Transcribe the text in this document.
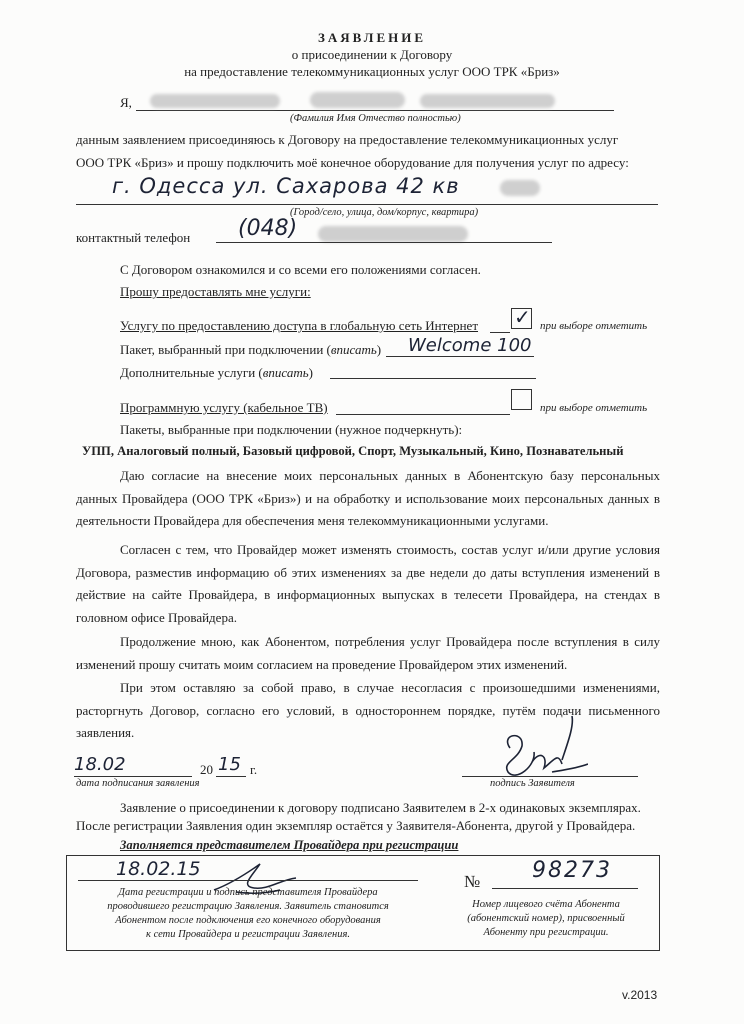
ЗАЯВЛЕНИЕ
о присоединении к Договору
на предоставление телекоммуникационных услуг ООО ТРК «Бриз»
Я,
(Фамилия Имя Отчество полностью)
данным заявлением присоединяюсь к Договору на предоставление телекоммуникационных услуг
ООО ТРК «Бриз» и прошу подключить моё конечное оборудование для получения услуг по адресу:
г. Одесса ул. Сахарова 42 кв
(Город/село, улица, дом/корпус, квартира)
контактный телефон (048)
С Договором ознакомился и со всеми его положениями согласен.
Прошу предоставлять мне услуги:
Услугу по предоставлению доступа в глобальную сеть Интернет ✓ при выборе отметить
Пакет, выбранный при подключении (вписать) Welcome 100
Дополнительные услуги (вписать)
Программную услугу (кабельное ТВ)	при выборе отметить
Пакеты, выбранные при подключении (нужное подчеркнуть):
УПП, Аналоговый полный, Базовый цифровой, Спорт, Музыкальный, Кино, Познавательный

Даю согласие на внесение моих персональных данных в Абонентскую базу персональных данных Провайдера (ООО ТРК «Бриз») и на обработку и использование моих персональных данных в деятельности Провайдера для обеспечения меня телекоммуникационными услугами.

Согласен с тем, что Провайдер может изменять стоимость, состав услуг и/или другие условия Договора, разместив информацию об этих изменениях за две недели до даты вступления изменений в действие на сайте Провайдера, в информационных выпусках в телесети Провайдера, на стендах в головном офисе Провайдера.

Продолжение мною, как Абонентом, потребления услуг Провайдера после вступления в силу изменений прошу считать моим согласием на проведение Провайдером этих изменений.

При этом оставляю за собой право, в случае несогласия с произошедшими изменениями, расторгнуть Договор, согласно его условий, в одностороннем порядке, путём подачи письменного заявления.

18.02	20 15 г.
дата подписания заявления	подпись Заявителя
Заявление о присоединении к договору подписано Заявителем в 2-х одинаковых экземплярах.
После регистрации Заявления один экземпляр остаётся у Заявителя-Абонента, другой у Провайдера.
Заполняется представителем Провайдера при регистрации
18.02.15
Дата регистрации и подпись представителя Провайдера
проводившего регистрацию Заявления. Заявитель становится
Абонентом после подключения его конечного оборудования
к сети Провайдера и регистрации Заявления.
№ 98273
Номер лицевого счёта Абонента
(абонентский номер), присвоенный
Абоненту при регистрации.
v.2013
